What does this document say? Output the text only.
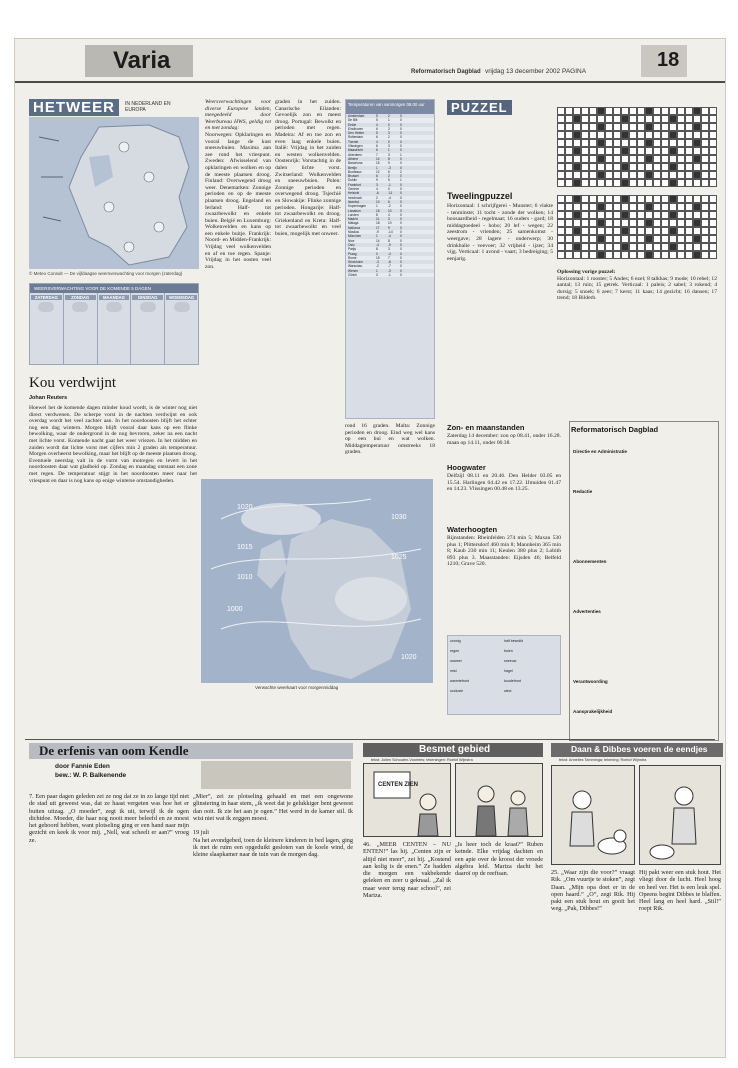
Varia	Reformatorisch Dagblad vrijdag 13 december 2002 PAGINA
18
HETWEER	IN NEDERLAND EN EUROPA
© Meteo Consult — De vijfdaagse weersverwachting voor morgen (zaterdag)
WEERSVERWACHTING VOOR DE KOMENDE 5 DAGEN
ZATERDAG	ZONDAG	MAANDAG	DINSDAG	WOENSDAG
Weersverwachtingen voor diverse Europese landen, meegedeeld door Weerbureau HWS, geldig tot en met zondag:
Noorwegen: Opklaringen en vooral lange de kust sneeuwbuien. Maxima aan zee rond het vriespunt. Zweden: Afwisselend van opklaringen en wolken en op de meeste plaatsen droog. Finland: Overwegend droog weer. Denemarken: Zonnige perioden en op de meeste plaatsen droog. Engeland en Ierland: Half- tot zwaarbewolkt en enkele buien. België en Luxemburg: Wolkenvelden en kans op een enkele buitje. Frankrijk: Noord- en Midden-Frankrijk: Vrijdag veel wolkenvelden en af en toe regen. Spanje: Vrijdag in het oosten veel zon.
graden in het zuiden. Canarische Eilanden: Gevoelijk zon en meest droog. Portugal: Bewolkt en perioden met regen. Madeira: Af en toe zon en even laag enkele buien. Italië: Vrijdag in het zuiden en westen wolkenvelden. Oostenrijk: Vorstachtig in de dalen lichte vorst. Zwitserland: Wolkenvelden en sneeuwbuien. Polen: Zonnige perioden en overwegend droog. Tsjechië en Slowakije: Flinke zonnige perioden. Hongarije: Half- tot zwaarbewolkt en droog. Griekenland en Kreta: Half- tot zwaarbewolkt en veel buien, mogelijk met onweer.
rond 16 graden. Malta: Zonnige perioden en droog. Eind weg wel kans op een bui en wat wolken. Middagtemperatuur omstreeks 18 graden.
Temperaturen van vanmorgen 08.00 uur
Amsterdam	5	2	0
De Bilt	5	1	0
Eelde	4	0	0
Eindhoven	6	2	0
Den Helder	5	3	0
Rotterdam	6	2	0
Twente	4	0	0
Vlissingen	6	3	0
Maastricht	6	1	0
Aberdeen	7	3	1
Athene	14	8	0
Barcelona	15	9	0
Berlijn	1	-3	0
Bordeaux	12	6	2
Brussel	6	2	0
Dublin	9	5	1
Frankfurt	3	-1	0
Genève	4	0	0
Helsinki	-6	-11	0
Innsbruck	2	-4	0
Istanbul	10	6	0
Kopenhagen	1	-2	0
Lissabon	16	10	3
Londen	8	4	0
Madrid	11	3	0
Málaga	18	10	0
Mallorca	17	9	0
Moskou	-9	-14	0
München	1	-4	0
Nice	14	8	0
Oslo	-4	-9	0
Parijs	8	3	0
Praag	0	-4	0
Rome	15	7	0
Stockholm	-3	-8	0
Warschau	-2	-7	0
Wenen	1	-3	0
Zürich	3	-1	0
Kou verdwijnt
Johan Reuters
Hoewel het de komende dagen minder koud wordt, is de winter nog niet direct verdwenen. De scherpe vorst in de nachten verdwijnt en ook overdag wordt het veel zachter aan. In het noordoosten blijft het echter nog een dag wintern. Morgen blijft vooral daar kans op een flinke bewolking, waar de ondergrond in de nog bevroren, zeker na een nacht met lichte vorst. Komende nacht gaat het weer vriezen. In het midden en zuiden wordt dat lichte vorst met cijfers min 2 graden als temperatuur. Morgen overheerst bewolking, maar het blijft op de meeste plaatsen droog. Eventuele neerslag valt in de vorm van motregen en levert in het noordoosten daar wat gladheid op. Zondag en maandag ontstaat een zone met regen. De temperatuur stijgt in het noordoosten meer naar het vriespunt en daar is nog kans op enige winterse omstandigheden.
1020
1015
1010
1000
1030
1025
1020
Verwachte weerkaart voor morgenmiddag
PUZZEL
Tweelingpuzzel
Horizontaal: 1 schrijfgerei - Munster; 6 vlakte - tenminste; 11 tocht - zonde der wolken; 14 boosaardheid - regelmaat; 16 ouders - gard; 18 middagtoedeel - hobo; 20 lef - wegen; 22 zeestrom - vrienden; 25 samenkomst - weergave; 28 lagere - onderwerp; 30 drinkbalie - veevoer; 32 vrijheid - ijzer; 34 vijg. Verticaal: 1 avond - vaart; 3 bedreiging; 5 eenjarig.
Oplossing vorige puzzel:
Horizontaal: 1 rooster; 5 Andes; 6 ezel; 8 talkhas; 9 mode; 10 rebel; 12 aantal; 13 ruin; 15 getrek. Verticaal: 1 paleis; 2 sabel; 3 rokend; 4 dorsig; 5 snoek; 6 zeer; 7 kerst; 11 kaas; 14 gezicht; 16 dansen; 17 trend; 18 Bilderb.
Zon- en maanstanden
Zaterdag 14 december: zon op 08.41, onder 16.28. maan op 14.11, onder 00.38.
Hoogwater
Delfzijl 08.11 en 20.46. Den Helder 03.05 en 15.54. Harlingen 04.42 en 17.22. IJmuiden 01.47 en 14.23. Vlissingen 00.48 en 13.25.
Waterhoogten
Rijnstanden: Rheinfelden 274 min 5; Maxau 530 plus 1; Plittersdorf 460 min 8; Mannheim 365 min 8; Kaub 230 min 11; Keulen 380 plus 2; Lobith 893 plus 3. Maasstanden: Eijsden 46; Belfeld 1210; Grave 520.
zonnig	half bewolkt
regen	buien
onweer	sneeuw
mist	hagel
warmtefront	koudefront
occlusie	wind
Reformatorisch Dagblad
Directie en Administratie
Redactie
Abonnementen
Advertenties
Verantwoording
Aansprakelijkheid
De erfenis van oom Kendle
door Fannie Eden
bew.: W. P. Balkenende
7. Een paar dagen geleden zei ze nog dat ze in zo lange tijd niet de stad uit geweest was, dat ze haast vergeten was hoe het er buiten uitzag. „O moeder”, zegt ik uit, terwijl ik de ogen dichtdoe. Moeder, die haar nog nooit meer beleefd en ze moest het gehoord hebben, want plotseling ging er een hand naar mijn gezicht en keek ik voor mij. „Nell, wat scheelt er aan?” vroeg ze.
„Mier”, zei ze plotseling gehaaid en met een ongewone glinstering in haar stem, „ik weet dat je gelukkiger bent geweest dan ooit. Ik zie het aan je ogen.” Het werd in de kamer stil. Ik wist niet wat ik zeggen moest.

19 juli
Na het avondgebed, toen de kleinere kinderen in bed lagen, ging ik met de ruim een opgeduikt gesloten van de koele wind, de kleine slaapkamer naar de tuin van de morgen dag.
Besmet gebied
tekst: Jolien Schouten-Voorlees; tekeningen: Roelof Wijnstra
CENTEN ZIEN
46. „MEER CENTEN – NU ENTEN!” las hij. „Centen zijn er altijd niet meer”, zei hij. „Kostend aan kolig is de enen.” Ze hadden die morgen een vakbekende geleken en zeer u geknaal. „Zal ik maar weer terug naar school”, zei Mariza.
„Is heer toch de kraat?” Ruben ketnde. Elke vrijdag dachten en een apie over de kroost der vroede algebra leid. Mariza dacht het daaroï op de reeftsan.
Daan & Dibbes voeren de eendjes
tekst: Annelies Tamminga; tekening: Roelof Wijnstra
25. „Waar zijn die voor?” vraagt Rik. „Om vuurtje te stoken”, zegt Daan. „Mijn opa doet er in de open haard.” „O”, zegt Rik. Hij pakt een stuk hout en gooit het weg. „Pak, Dibbes!”
Hij pakt weer een stuk hout. Het vliegt door de lucht. Heel hoog en heel ver. Het is een leuk spel. Opeens begint Dibbes te blaffen. Heel lang en heel hard. „Stil!” roept Rik.
